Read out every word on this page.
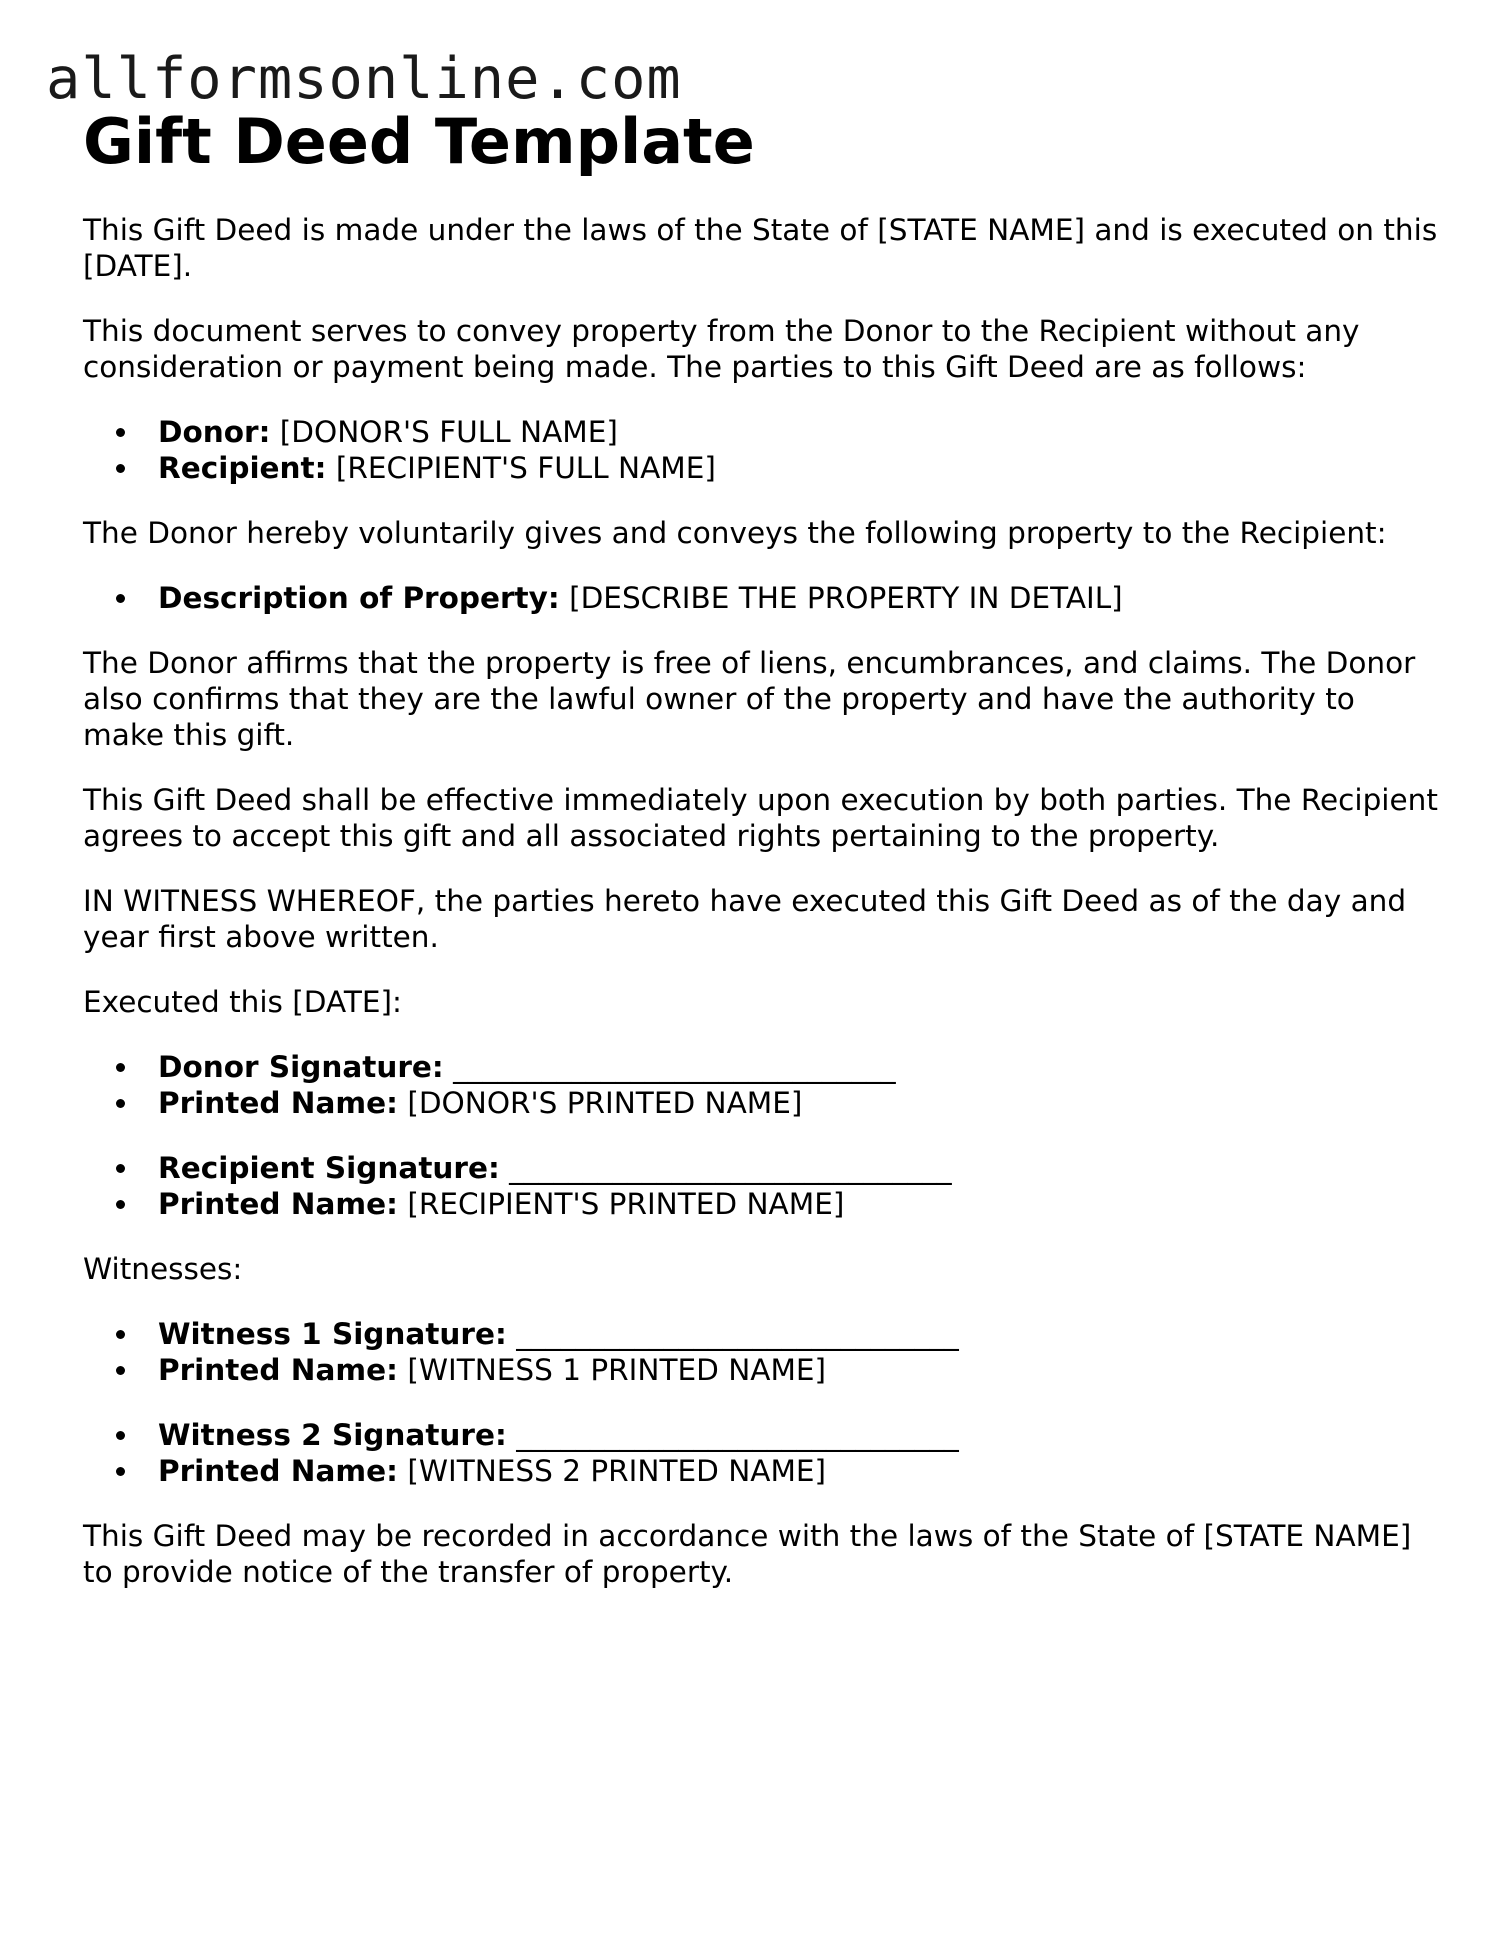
allformsonline.com
Gift Deed Template

This Gift Deed is made under the laws of the State of [STATE NAME] and is executed on this [DATE].

This document serves to convey property from the Donor to the Recipient without any consideration or payment being made. The parties to this Gift Deed are as follows:

Donor: [DONOR'S FULL NAME]
Recipient: [RECIPIENT'S FULL NAME]

The Donor hereby voluntarily gives and conveys the following property to the Recipient:

Description of Property: [DESCRIBE THE PROPERTY IN DETAIL]

The Donor affirms that the property is free of liens, encumbrances, and claims. The Donor also confirms that they are the lawful owner of the property and have the authority to make this gift.

This Gift Deed shall be effective immediately upon execution by both parties. The Recipient agrees to accept this gift and all associated rights pertaining to the property.

IN WITNESS WHEREOF, the parties hereto have executed this Gift Deed as of the day and year first above written.

Executed this [DATE]:

Donor Signature: ______________________________
Printed Name: [DONOR'S PRINTED NAME]
Recipient Signature: ______________________________
Printed Name: [RECIPIENT'S PRINTED NAME]

Witnesses:

Witness 1 Signature: ______________________________
Printed Name: [WITNESS 1 PRINTED NAME]
Witness 2 Signature: ______________________________
Printed Name: [WITNESS 2 PRINTED NAME]

This Gift Deed may be recorded in accordance with the laws of the State of [STATE NAME] to provide notice of the transfer of property.
